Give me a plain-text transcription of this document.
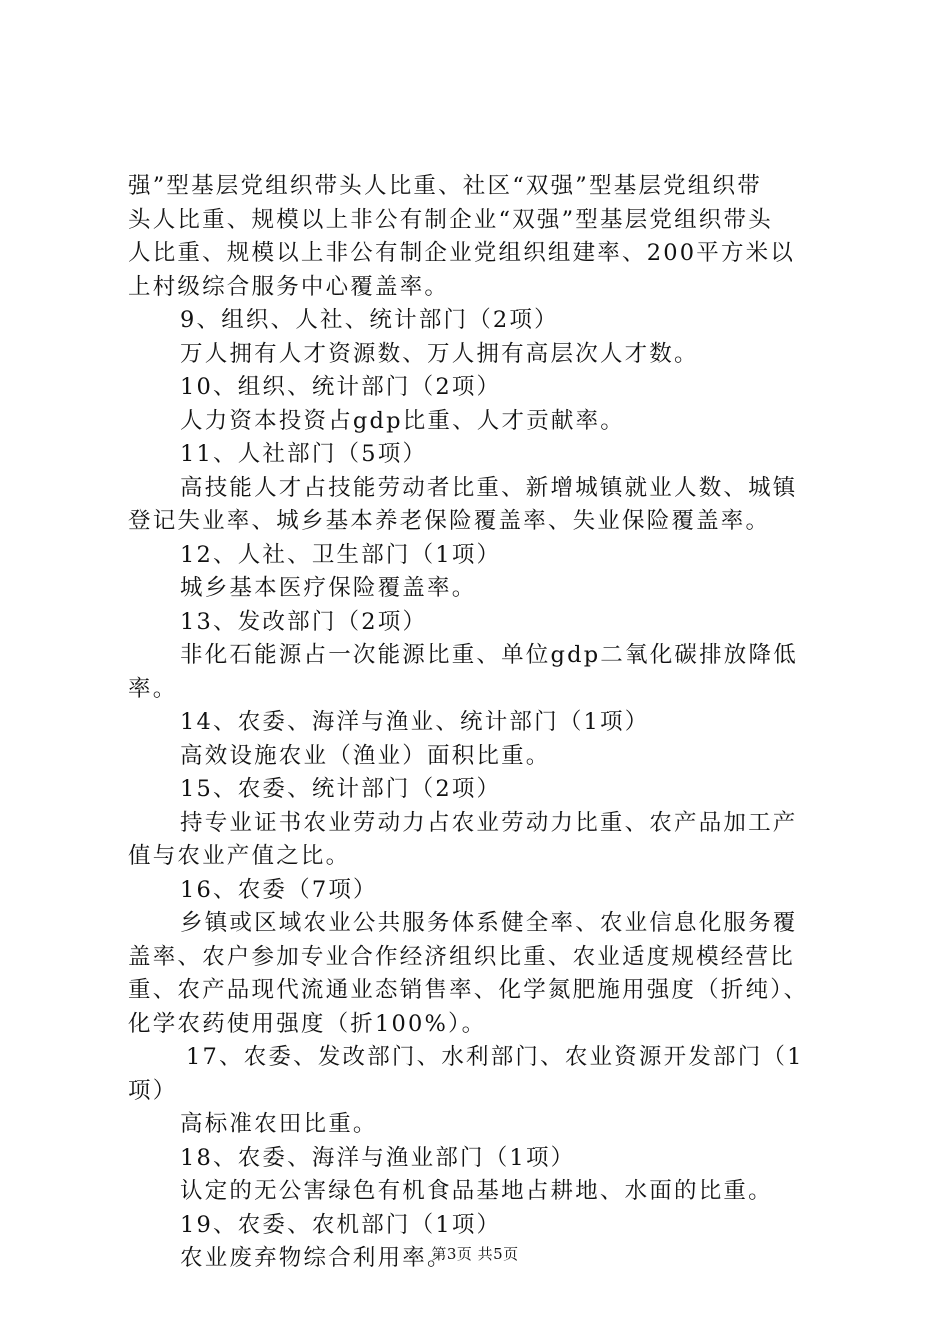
强”型基层党组织带头人比重、社区“双强”型基层党组织带
头人比重、规模以上非公有制企业“双强”型基层党组织带头
人比重、规模以上非公有制企业党组织组建率、200平方米以
上村级综合服务中心覆盖率。
9、组织、人社、统计部门（2项）
万人拥有人才资源数、万人拥有高层次人才数。
10、组织、统计部门（2项）
人力资本投资占gdp比重、人才贡献率。
11、人社部门（5项）
高技能人才占技能劳动者比重、新增城镇就业人数、城镇
登记失业率、城乡基本养老保险覆盖率、失业保险覆盖率。
12、人社、卫生部门（1项）
城乡基本医疗保险覆盖率。
13、发改部门（2项）
非化石能源占一次能源比重、单位gdp二氧化碳排放降低
率。
14、农委、海洋与渔业、统计部门（1项）
高效设施农业（渔业）面积比重。
15、农委、统计部门（2项）
持专业证书农业劳动力占农业劳动力比重、农产品加工产
值与农业产值之比。
16、农委（7项）
乡镇或区域农业公共服务体系健全率、农业信息化服务覆
盖率、农户参加专业合作经济组织比重、农业适度规模经营比
重、农产品现代流通业态销售率、化学氮肥施用强度（折纯）、
化学农药使用强度（折100%）。
17、农委、发改部门、水利部门、农业资源开发部门（1
项）
高标准农田比重。
18、农委、海洋与渔业部门（1项）
认定的无公害绿色有机食品基地占耕地、水面的比重。
19、农委、农机部门（1项）
农业废弃物综合利用率。
第3页 共5页
